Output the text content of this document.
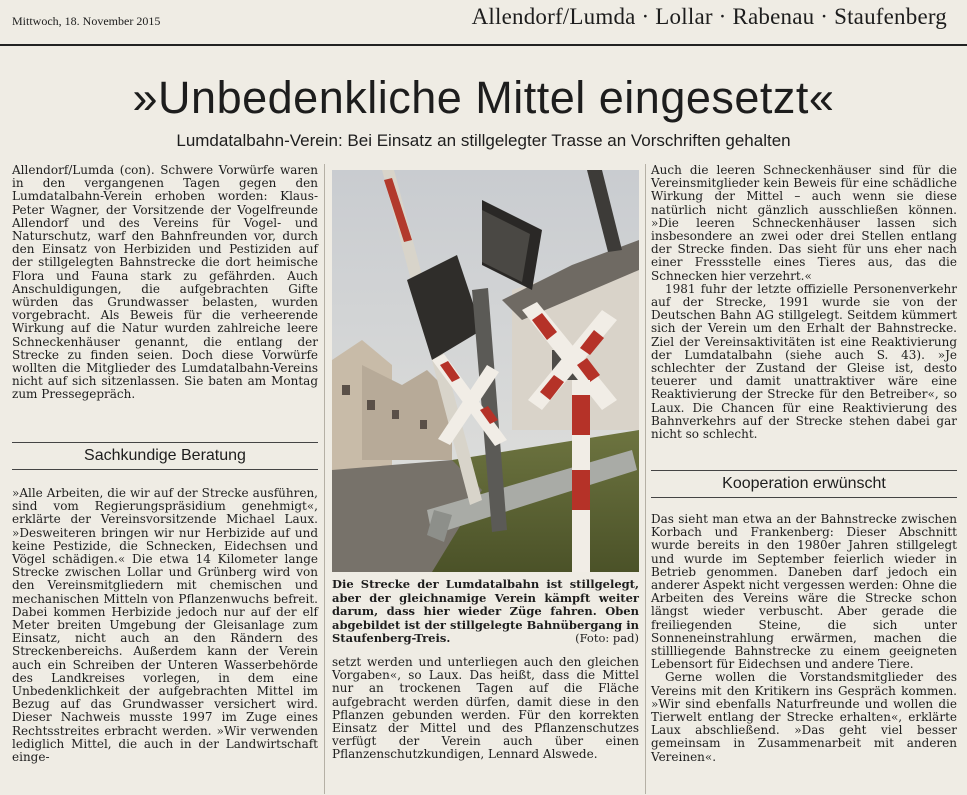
Mittwoch, 18. November 2015	Allendorf/Lumda · Lollar · Rabenau · Staufenberg
»Unbedenkliche Mittel eingesetzt«
Lumdatalbahn-Verein: Bei Einsatz an stillgelegter Trasse an Vorschriften gehalten

Allendorf/Lumda (con). Schwere Vorwürfe waren in den vergangenen Tagen gegen den Lumdatalbahn-Verein erhoben worden: Klaus-Peter Wagner, der Vorsitzende der Vogelfreunde Allendorf und des Vereins für Vogel- und Naturschutz, warf den Bahnfreunden vor, durch den Einsatz von Herbiziden und Pestiziden auf der stillgelegten Bahnstrecke die dort heimische Flora und Fauna stark zu gefährden. Auch Anschuldigungen, die aufgebrachten Gifte würden das Grundwasser belasten, wurden vorgebracht. Als Beweis für die verheerende Wirkung auf die Natur wurden zahlreiche leere Schneckenhäuser genannt, die entlang der Strecke zu finden seien. Doch diese Vorwürfe wollten die Mitglieder des Lumdatalbahn-Vereins nicht auf sich sitzenlassen. Sie baten am Montag zum Pressegepräch.

Sachkundige Beratung

»Alle Arbeiten, die wir auf der Strecke ausführen, sind vom Regierungspräsidium genehmigt«, erklärte der Vereinsvorsitzende Michael Laux. »Desweiteren bringen wir nur Herbizide auf und keine Pestizide, die Schnecken, Eidechsen und Vögel schädigen.« Die etwa 14 Kilometer lange Strecke zwischen Lollar und Grünberg wird von den Vereinsmitgliedern mit chemischen und mechanischen Mitteln von Pflanzenwuchs befreit. Dabei kommen Herbizide jedoch nur auf der elf Meter breiten Umgebung der Gleisanlage zum Einsatz, nicht auch an den Rändern des Streckenbereichs. Außerdem kann der Verein auch ein Schreiben der Unteren Wasserbehörde des Landkreises vorlegen, in dem eine Unbedenklichkeit der aufgebrachten Mittel im Bezug auf das Grundwasser versichert wird. Dieser Nachweis musste 1997 im Zuge eines Rechtsstreites erbracht werden. »Wir verwenden lediglich Mittel, die auch in der Landwirtschaft einge-

Die Strecke der Lumdatalbahn ist stillgelegt, aber der gleichnamige Verein kämpft weiter darum, dass hier wieder Züge fahren. Oben abgebildet ist der stillgelegte Bahnübergang in Staufenberg-Treis.	(Foto: pad)

setzt werden und unterliegen auch den gleichen Vorgaben«, so Laux. Das heißt, dass die Mittel nur an trockenen Tagen auf die Fläche aufgebracht werden dürfen, damit diese in den Pflanzen gebunden werden. Für den korrekten Einsatz der Mittel und des Pflanzenschutzes verfügt der Verein auch über einen Pflanzenschutzkundigen, Lennard Alswede.

Auch die leeren Schneckenhäuser sind für die Vereinsmitglieder kein Beweis für eine schädliche Wirkung der Mittel – auch wenn sie diese natürlich nicht gänzlich ausschließen können. »Die leeren Schneckenhäuser lassen sich insbesondere an zwei oder drei Stellen entlang der Strecke finden. Das sieht für uns eher nach einer Fressstelle eines Tieres aus, das die Schnecken hier verzehrt.«

1981 fuhr der letzte offizielle Personenverkehr auf der Strecke, 1991 wurde sie von der Deutschen Bahn AG stillgelegt. Seitdem kümmert sich der Verein um den Erhalt der Bahnstrecke. Ziel der Vereinsaktivitäten ist eine Reaktivierung der Lumdatalbahn (siehe auch S. 43). »Je schlechter der Zustand der Gleise ist, desto teuerer und damit unattraktiver wäre eine Reaktivierung der Strecke für den Betreiber«, so Laux. Die Chancen für eine Reaktivierung des Bahnverkehrs auf der Strecke stehen dabei gar nicht so schlecht.

Kooperation erwünscht

Das sieht man etwa an der Bahnstrecke zwischen Korbach und Frankenberg: Dieser Abschnitt wurde bereits in den 1980er Jahren stillgelegt und wurde im September feierlich wieder in Betrieb genommen. Daneben darf jedoch ein anderer Aspekt nicht vergessen werden: Ohne die Arbeiten des Vereins wäre die Strecke schon längst wieder verbuscht. Aber gerade die freiliegenden Steine, die sich unter Sonneneinstrahlung erwärmen, machen die stillliegende Bahnstrecke zu einem geeigneten Lebensort für Eidechsen und andere Tiere.

Gerne wollen die Vorstandsmitglieder des Vereins mit den Kritikern ins Gespräch kommen. »Wir sind ebenfalls Naturfreunde und wollen die Tierwelt entlang der Strecke erhalten«, erklärte Laux abschließend. »Das geht viel besser gemeinsam in Zusammenarbeit mit anderen Vereinen«.
